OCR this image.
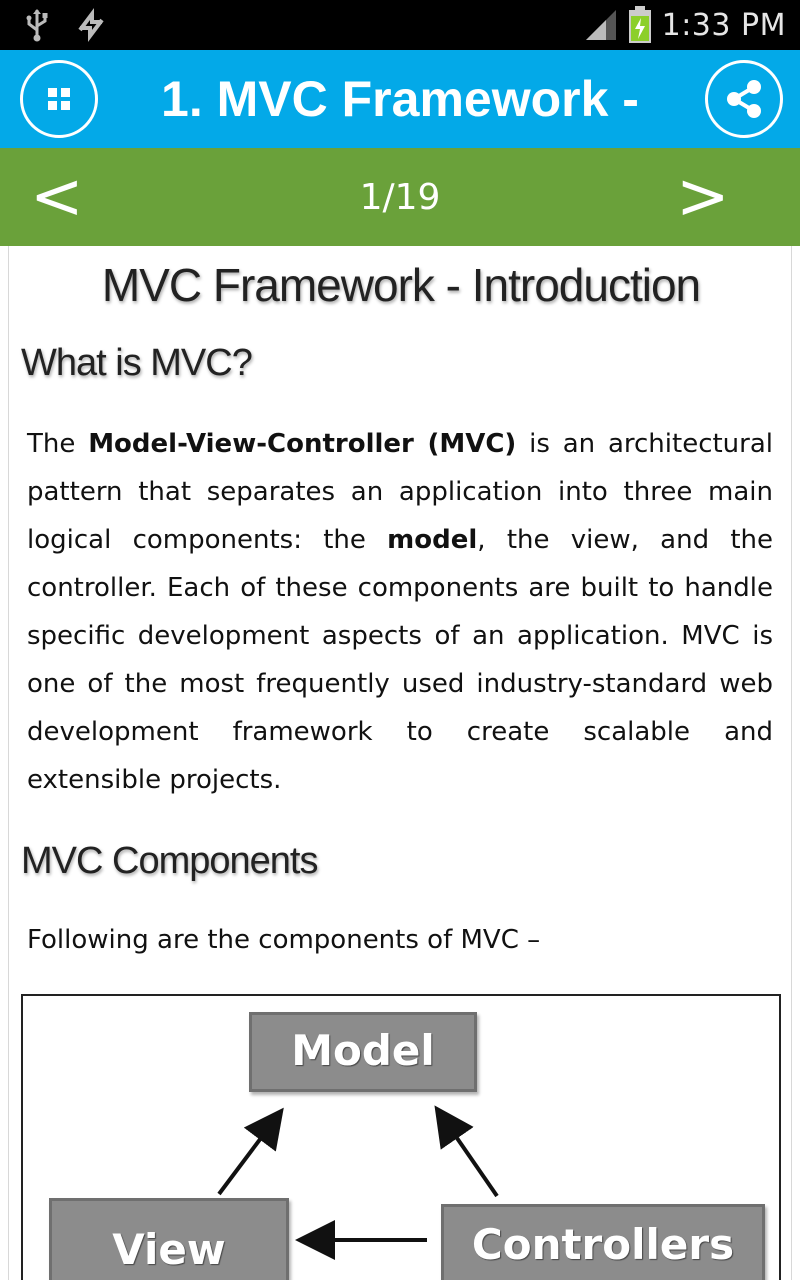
1:33 PM
1. MVC Framework -
<	1/19	>
MVC Framework - Introduction
What is MVC?

The Model-View-Controller (MVC) is an architectural pattern that separates an application into three main logical components: the model, the view, and the controller. Each of these components are built to handle specific development aspects of an application. MVC is one of the most frequently used industry-standard web development framework to create scalable and extensible projects.

MVC Components

Following are the components of MVC –

Model
View	Controllers
